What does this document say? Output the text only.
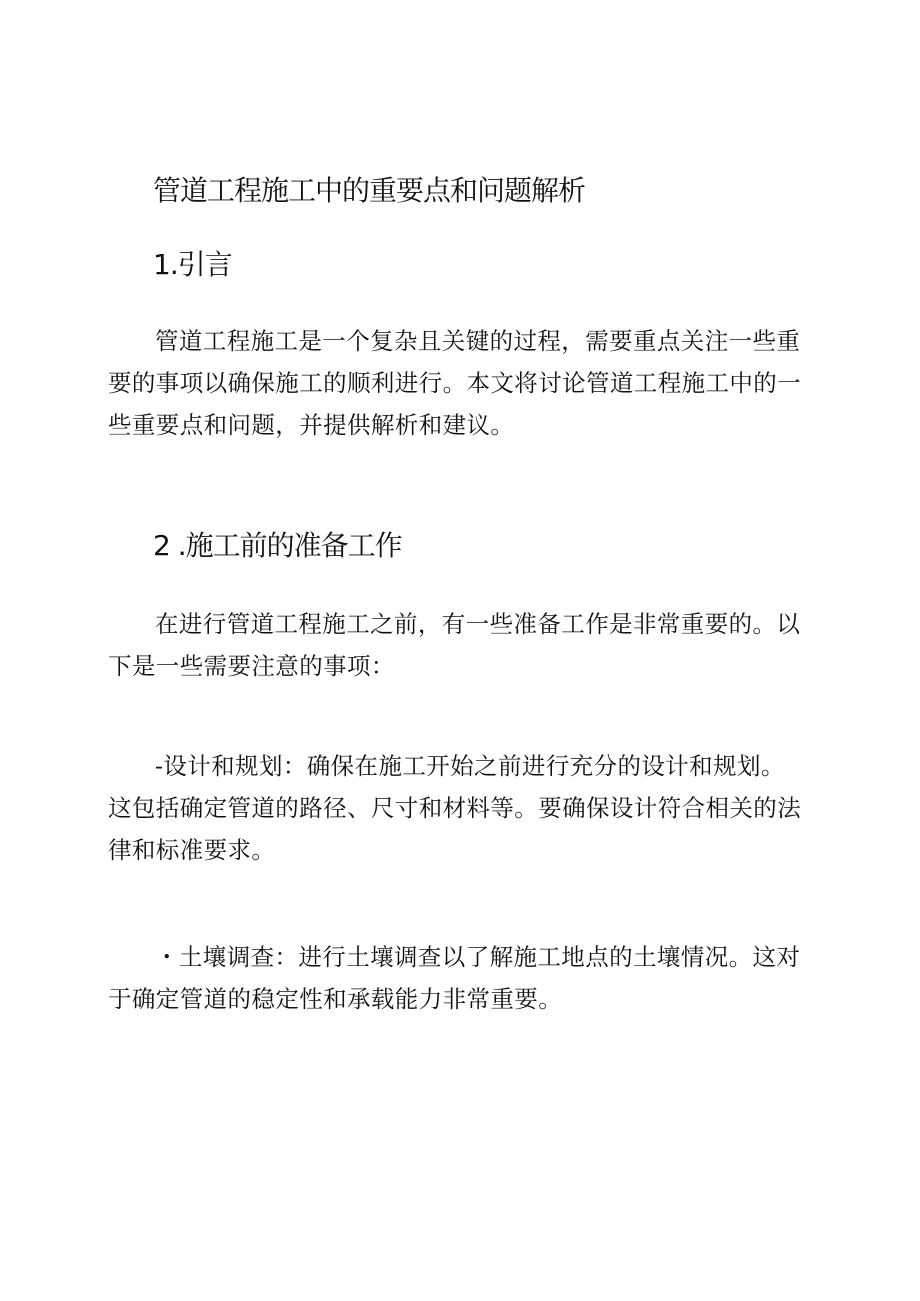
管道工程施工中的重要点和问题解析
1.引言

管道工程施工是一个复杂且关键的过程，需要重点关注一些重要的事项以确保施工的顺利进行。本文将讨论管道工程施工中的一些重要点和问题，并提供解析和建议。

2 .施工前的准备工作

在进行管道工程施工之前，有一些准备工作是非常重要的。以下是一些需要注意的事项：

-设计和规划：确保在施工开始之前进行充分的设计和规划。这包括确定管道的路径、尺寸和材料等。要确保设计符合相关的法律和标准要求。

・土壤调查：进行土壤调查以了解施工地点的土壤情况。这对于确定管道的稳定性和承载能力非常重要。
